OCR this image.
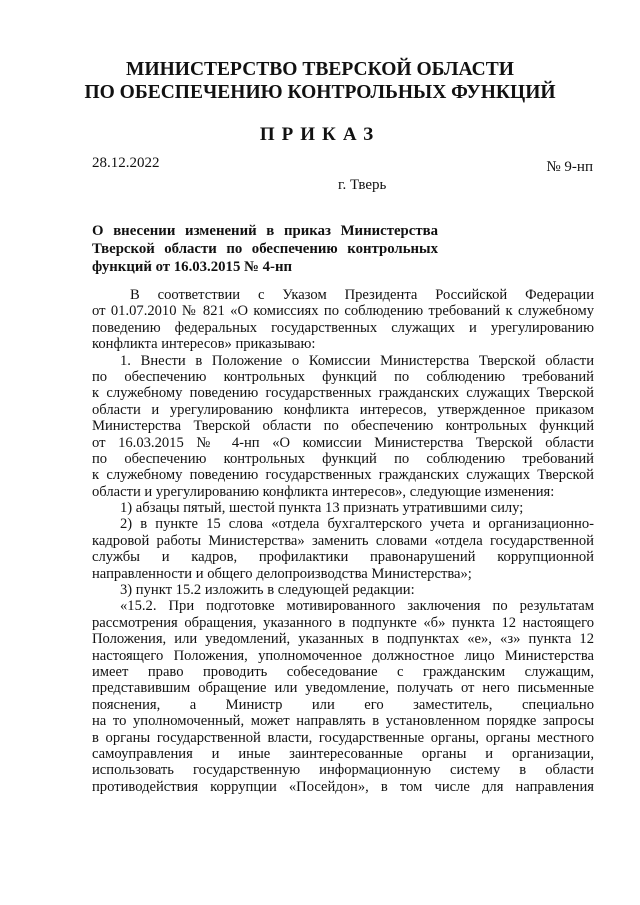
МИНИСТЕРСТВО ТВЕРСКОЙ ОБЛАСТИ
ПО ОБЕСПЕЧЕНИЮ КОНТРОЛЬНЫХ ФУНКЦИЙ
ПРИКАЗ
28.12.2022	№ 9-нп
г. Тверь
О внесении изменений в приказ Министерства
Тверской области по обеспечению контрольных
функций от 16.03.2015 № 4-нп
В соответствии с Указом Президента Российской Федерации
от 01.07.2010 № 821 «О комиссиях по соблюдению требований к служебному
поведению федеральных государственных служащих и урегулированию
конфликта интересов» приказываю:
1. Внести в Положение о Комиссии Министерства Тверской области
по обеспечению контрольных функций по соблюдению требований
к служебному поведению государственных гражданских служащих Тверской
области и урегулированию конфликта интересов, утвержденное приказом
Министерства Тверской области по обеспечению контрольных функций
от 16.03.2015 № 4-нп «О комиссии Министерства Тверской области
по обеспечению контрольных функций по соблюдению требований
к служебному поведению государственных гражданских служащих Тверской
области и урегулированию конфликта интересов», следующие изменения:
1) абзацы пятый, шестой пункта 13 признать утратившими силу;
2) в пункте 15 слова «отдела бухгалтерского учета и организационно-
кадровой работы Министерства» заменить словами «отдела государственной
службы и кадров, профилактики правонарушений коррупционной
направленности и общего делопроизводства Министерства»;
3) пункт 15.2 изложить в следующей редакции:
«15.2. При подготовке мотивированного заключения по результатам
рассмотрения обращения, указанного в подпункте «б» пункта 12 настоящего
Положения, или уведомлений, указанных в подпунктах «е», «з» пункта 12
настоящего Положения, уполномоченное должностное лицо Министерства
имеет право проводить собеседование с гражданским служащим,
представившим обращение или уведомление, получать от него письменные
пояснения, а Министр или его заместитель, специально
на то уполномоченный, может направлять в установленном порядке запросы
в органы государственной власти, государственные органы, органы местного
самоуправления и иные заинтересованные органы и организации,
использовать государственную информационную систему в области
противодействия коррупции «Посейдон», в том числе для направления
